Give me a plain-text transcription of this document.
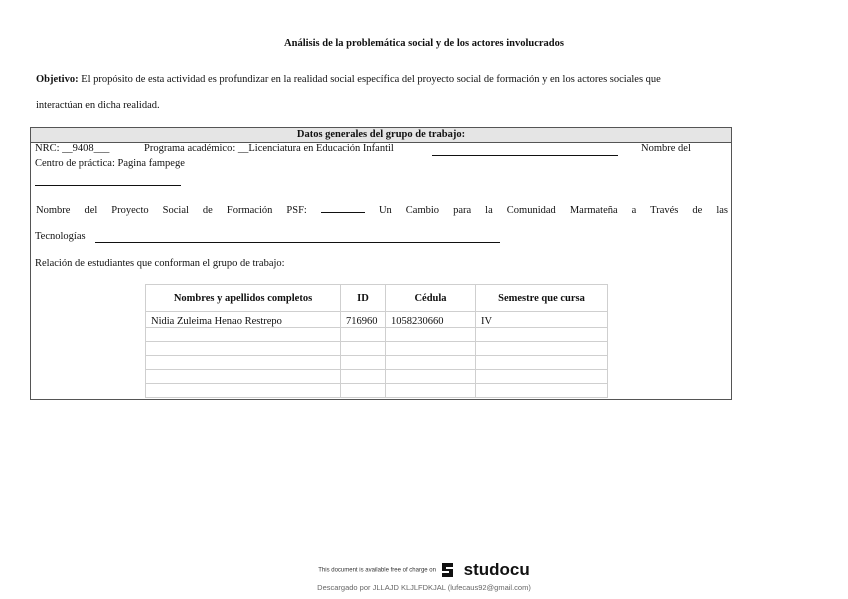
Análisis de la problemática social y de los actores involucrados
Objetivo: El propósito de esta actividad es profundizar en la realidad social específica del proyecto social de formación y en los actores sociales que
interactúan en dicha realidad.
Datos generales del grupo de trabajo:
NRC: __9408___	Programa académico: __Licenciatura en Educación Infantil	Nombre del
Centro de práctica: Pagina fampege
Nombre del Proyecto Social de Formación PSF:	Un Cambio para la Comunidad Marmateña a Través de las
Tecnologías
Relación de estudiantes que conforman el grupo de trabajo:
Nombres y apellidos completos	ID	Cédula	Semestre que cursa
Nidia Zuleima Henao Restrepo	716960	1058230660	IV

This document is available free of charge on studocu
Descargado por JLLAJD KLJLFDKJAL (lufecaus92@gmail.com)
